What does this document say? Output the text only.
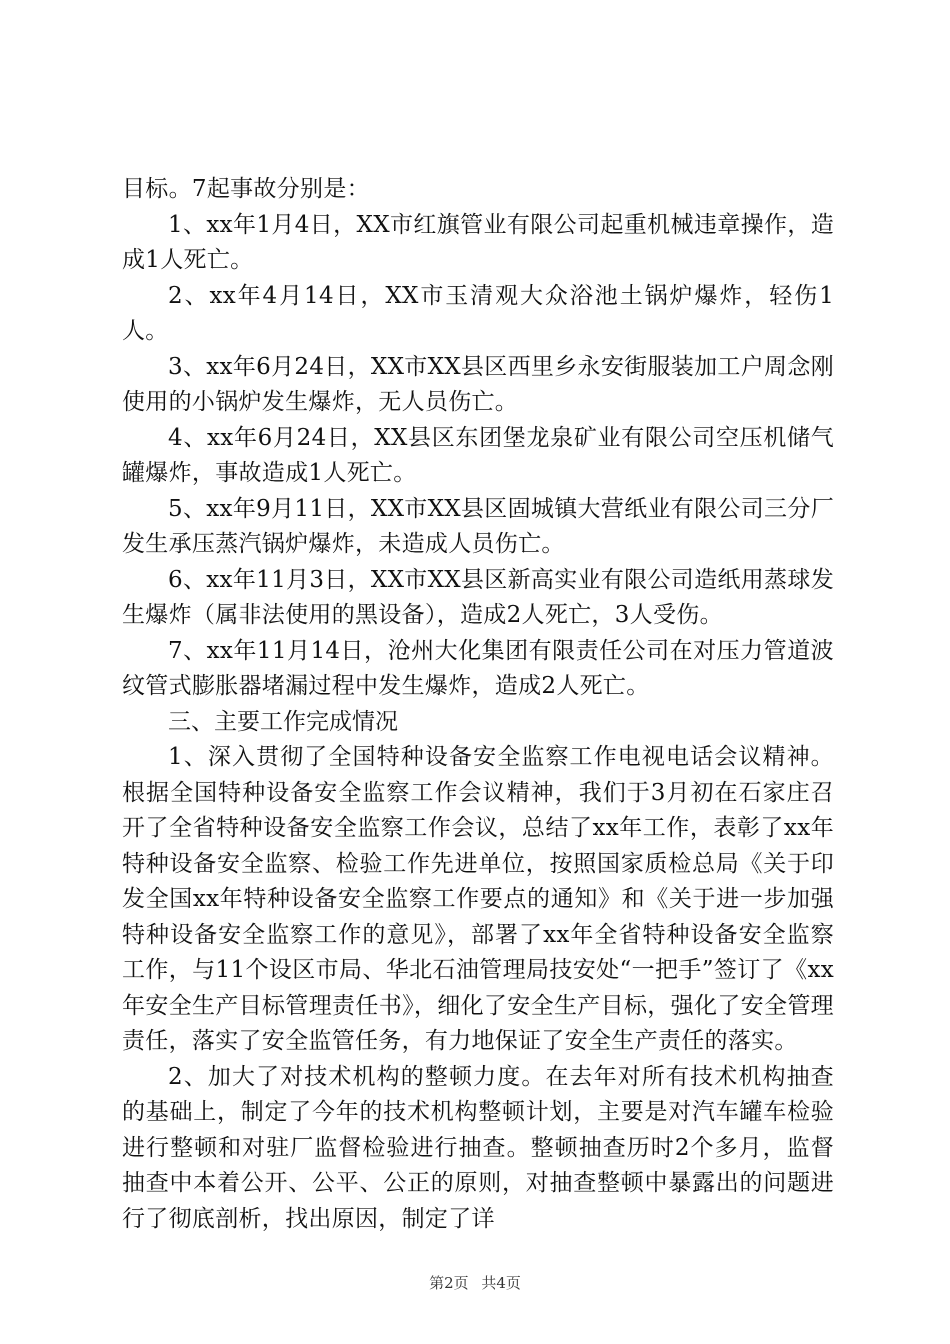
目标。7起事故分别是：

1、xx年1月4日，XX市红旗管业有限公司起重机械违章操作，造成1人死亡。

2、xx年4月14日，XX市玉清观大众浴池土锅炉爆炸，轻伤1人。

3、xx年6月24日，XX市XX县区西里乡永安街服装加工户周念刚使用的小锅炉发生爆炸，无人员伤亡。

4、xx年6月24日，XX县区东团堡龙泉矿业有限公司空压机储气罐爆炸，事故造成1人死亡。

5、xx年9月11日，XX市XX县区固城镇大营纸业有限公司三分厂发生承压蒸汽锅炉爆炸，未造成人员伤亡。

6、xx年11月3日，XX市XX县区新高实业有限公司造纸用蒸球发生爆炸（属非法使用的黑设备），造成2人死亡，3人受伤。

7、xx年11月14日，沧州大化集团有限责任公司在对压力管道波纹管式膨胀器堵漏过程中发生爆炸，造成2人死亡。

三、主要工作完成情况

1、深入贯彻了全国特种设备安全监察工作电视电话会议精神。根据全国特种设备安全监察工作会议精神，我们于3月初在石家庄召开了全省特种设备安全监察工作会议，总结了xx年工作，表彰了xx年特种设备安全监察、检验工作先进单位，按照国家质检总局《关于印发全国xx年特种设备安全监察工作要点的通知》和《关于进一步加强特种设备安全监察工作的意见》，部署了xx年全省特种设备安全监察工作，与11个设区市局、华北石油管理局技安处“一把手”签订了《xx年安全生产目标管理责任书》，细化了安全生产目标，强化了安全管理责任，落实了安全监管任务，有力地保证了安全生产责任的落实。

2、加大了对技术机构的整顿力度。在去年对所有技术机构抽查的基础上，制定了今年的技术机构整顿计划，主要是对汽车罐车检验进行整顿和对驻厂监督检验进行抽查。整顿抽查历时2个多月，监督抽查中本着公开、公平、公正的原则，对抽查整顿中暴露出的问题进行了彻底剖析，找出原因，制定了详

第2页 共4页
